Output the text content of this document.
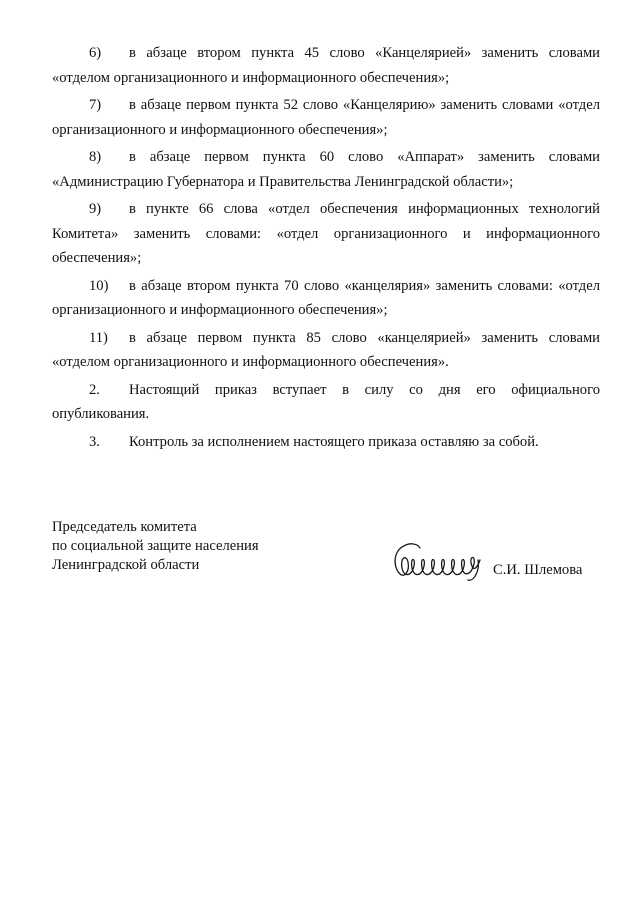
6) в абзаце втором пункта 45 слово «Канцелярией» заменить словами «отделом организационного и информационного обеспечения»;

7) в абзаце первом пункта 52 слово «Канцелярию» заменить словами «отдел организационного и информационного обеспечения»;

8) в абзаце первом пункта 60 слово «Аппарат» заменить словами «Администрацию Губернатора и Правительства Ленинградской области»;

9) в пункте 66 слова «отдел обеспечения информационных технологий Комитета» заменить словами: «отдел организационного и информационного обеспечения»;

10) в абзаце втором пункта 70 слово «канцелярия» заменить словами: «отдел организационного и информационного обеспечения»;

11) в абзаце первом пункта 85 слово «канцелярией» заменить словами «отделом организационного и информационного обеспечения».

2. Настоящий приказ вступает в силу со дня его официального опубликования.

3. Контроль за исполнением настоящего приказа оставляю за собой.

Председатель комитета
по социальной защите населения
Ленинградской области	С.И. Шлемова
